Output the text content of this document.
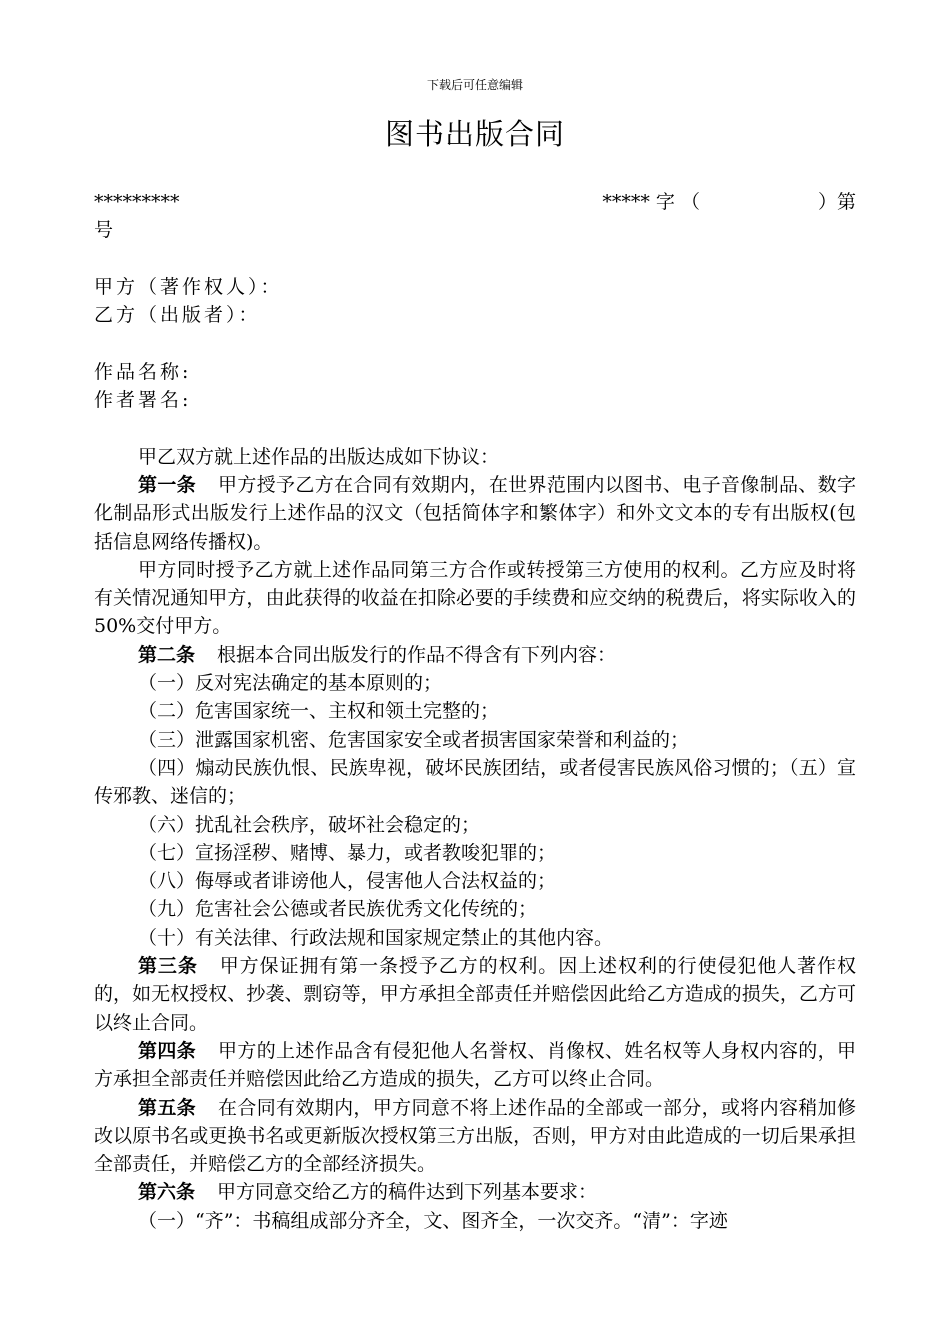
下载后可任意编辑
图书出版合同
*********	***** 字 （	）第
号
甲方（著作权人）：
乙方（出版者）：
作品名称:
作者署名:
甲乙双方就上述作品的出版达成如下协议：

第一条 甲方授予乙方在合同有效期内，在世界范围内以图书、电子音像制品、数字化制品形式出版发行上述作品的汉文（包括简体字和繁体字）和外文文本的专有出版权(包括信息网络传播权)。

甲方同时授予乙方就上述作品同第三方合作或转授第三方使用的权利。乙方应及时将有关情况通知甲方，由此获得的收益在扣除必要的手续费和应交纳的税费后，将实际收入的50%交付甲方。

第二条 根据本合同出版发行的作品不得含有下列内容：

（一）反对宪法确定的基本原则的；

（二）危害国家统一、主权和领土完整的；

（三）泄露国家机密、危害国家安全或者损害国家荣誉和利益的；

（四）煽动民族仇恨、民族卑视，破坏民族团结，或者侵害民族风俗习惯的；（五）宣传邪教、迷信的；

（六）扰乱社会秩序，破坏社会稳定的；

（七）宣扬淫秽、赌博、暴力，或者教唆犯罪的；

（八）侮辱或者诽谤他人，侵害他人合法权益的；

（九）危害社会公德或者民族优秀文化传统的；

（十）有关法律、行政法规和国家规定禁止的其他内容。

第三条 甲方保证拥有第一条授予乙方的权利。因上述权利的行使侵犯他人著作权的，如无权授权、抄袭、剽窃等，甲方承担全部责任并赔偿因此给乙方造成的损失，乙方可以终止合同。

第四条 甲方的上述作品含有侵犯他人名誉权、肖像权、姓名权等人身权内容的，甲方承担全部责任并赔偿因此给乙方造成的损失，乙方可以终止合同。

第五条 在合同有效期内，甲方同意不将上述作品的全部或一部分，或将内容稍加修改以原书名或更换书名或更新版次授权第三方出版，否则，甲方对由此造成的一切后果承担全部责任，并赔偿乙方的全部经济损失。

第六条 甲方同意交给乙方的稿件达到下列基本要求：

（一）“齐”：书稿组成部分齐全，文、图齐全，一次交齐。“清”：字迹
